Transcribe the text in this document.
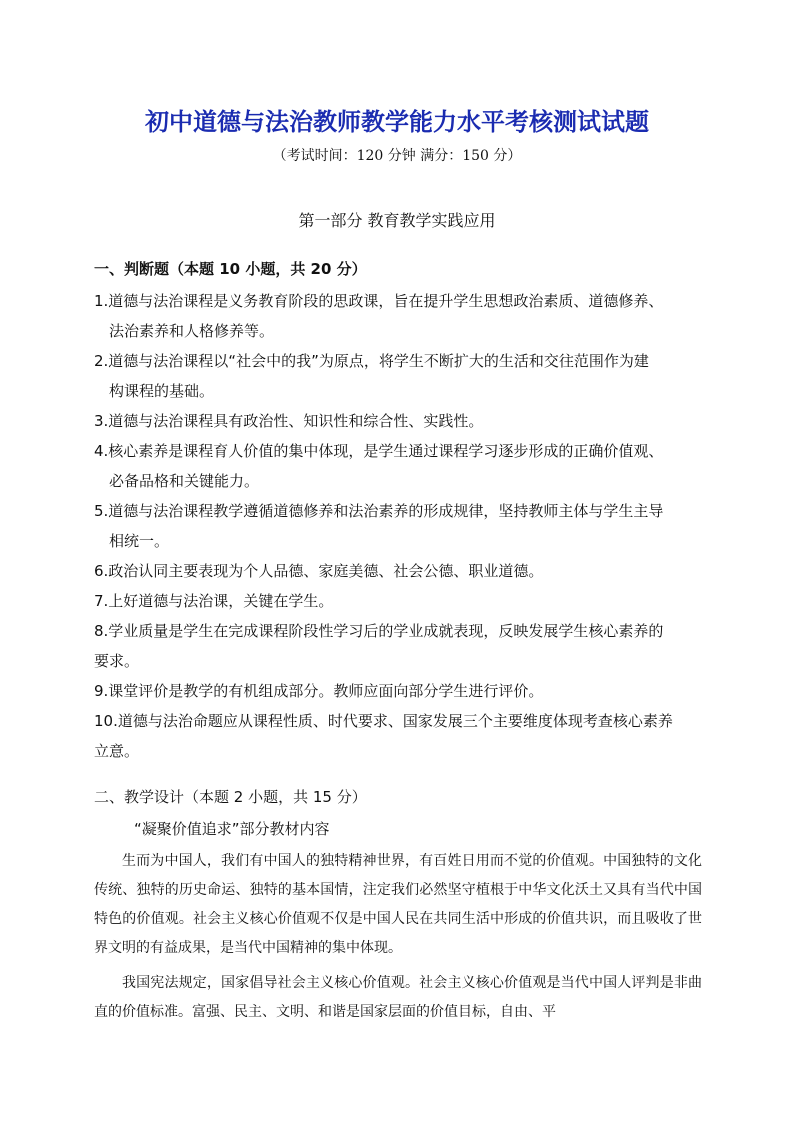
初中道德与法治教师教学能力水平考核测试试题
（考试时间：120 分钟 满分：150 分）
第一部分 教育教学实践应用
一、判断题（本题 10 小题，共 20 分）
1.道德与法治课程是义务教育阶段的思政课，旨在提升学生思想政治素质、道德修养、
法治素养和人格修养等。
2.道德与法治课程以“社会中的我”为原点，将学生不断扩大的生活和交往范围作为建
构课程的基础。
3.道德与法治课程具有政治性、知识性和综合性、实践性。
4.核心素养是课程育人价值的集中体现，是学生通过课程学习逐步形成的正确价值观、
必备品格和关键能力。
5.道德与法治课程教学遵循道德修养和法治素养的形成规律，坚持教师主体与学生主导
相统一。
6.政治认同主要表现为个人品德、家庭美德、社会公德、职业道德。
7.上好道德与法治课，关键在学生。
8.学业质量是学生在完成课程阶段性学习后的学业成就表现，反映发展学生核心素养的
要求。
9.课堂评价是教学的有机组成部分。教师应面向部分学生进行评价。
10.道德与法治命题应从课程性质、时代要求、国家发展三个主要维度体现考查核心素养
立意。
二、教学设计（本题 2 小题，共 15 分）
“凝聚价值追求”部分教材内容

生而为中国人，我们有中国人的独特精神世界，有百姓日用而不觉的价值观。中国独特的文化传统、独特的历史命运、独特的基本国情，注定我们必然坚守植根于中华文化沃土又具有当代中国特色的价值观。社会主义核心价值观不仅是中国人民在共同生活中形成的价值共识，而且吸收了世界文明的有益成果，是当代中国精神的集中体现。

我国宪法规定，国家倡导社会主义核心价值观。社会主义核心价值观是当代中国人评判是非曲直的价值标准。富强、民主、文明、和谐是国家层面的价值目标，自由、平
